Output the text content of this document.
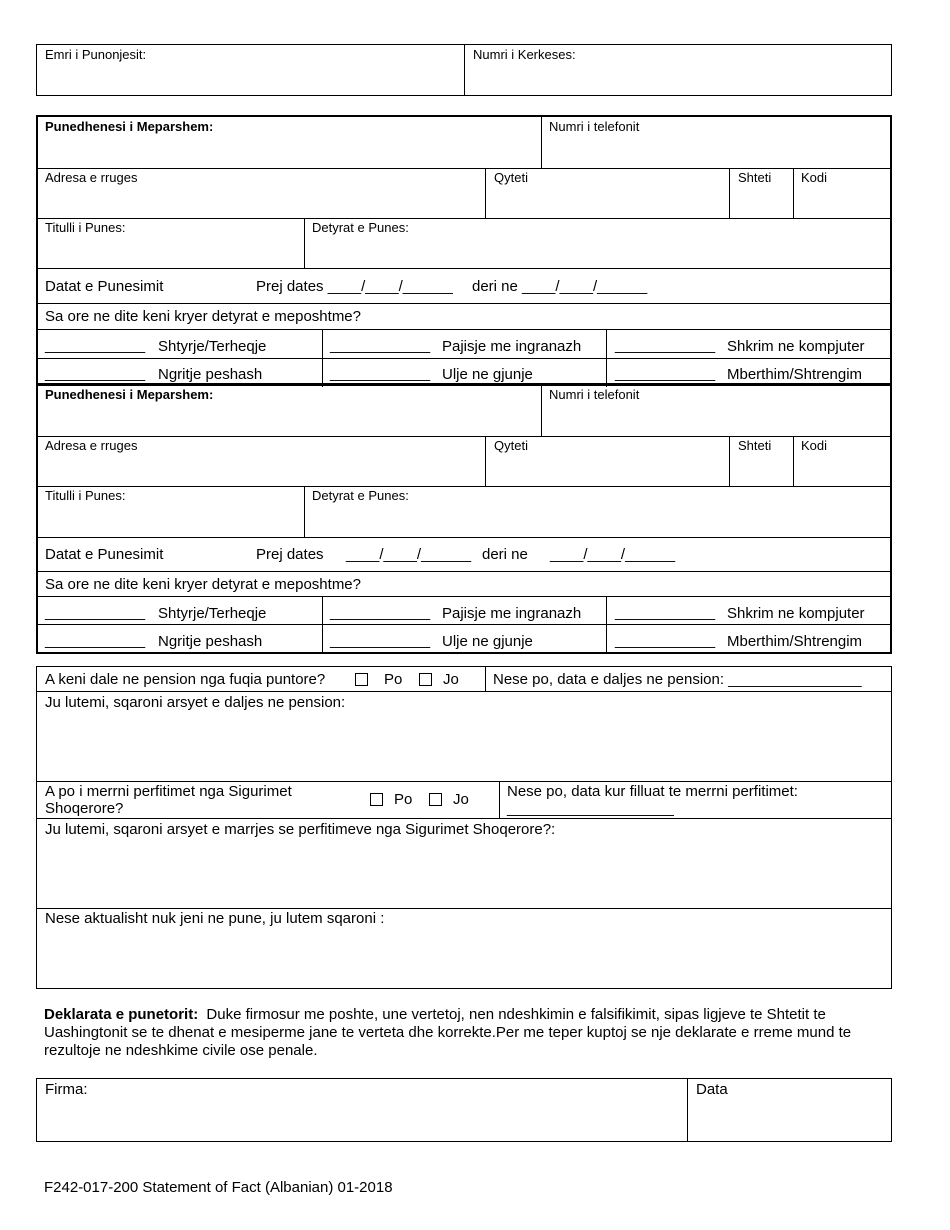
Emri i Punonjesit:	Numri i Kerkeses:
Punedhenesi i Meparshem:	Numri i telefonit
Adresa e rruges	Qyteti	Shteti Kodi
Titulli i Punes:	Detyrat e Punes:
Datat e Punesimit	Prej dates ____/____/______ deri ne ____/____/______
Sa ore ne dite keni kryer detyrat e meposhtme?
____________ Shtyrje/Terheqje	____________ Pajisje me ingranazh ____________ Shkrim ne kompjuter
____________ Ngritje peshash	____________ Ulje ne gjunje	____________ Mberthim/Shtrengim
Punedhenesi i Meparshem:	Numri i telefonit
Adresa e rruges	Qyteti	Shteti Kodi
Titulli i Punes:	Detyrat e Punes:
Datat e Punesimit	Prej dates ____/____/______ deri ne ____/____/______
Sa ore ne dite keni kryer detyrat e meposhtme?
____________ Shtyrje/Terheqje	____________ Pajisje me ingranazh ____________ Shkrim ne kompjuter
____________ Ngritje peshash	____________ Ulje ne gjunje	____________ Mberthim/Shtrengim
A keni dale ne pension nga fuqia puntore?	Po	Jo Nese po, data e daljes ne pension: ________________
Ju lutemi, sqaroni arsyet e daljes ne pension:
A po i merrni perfitimet nga Sigurimet
Shoqerore?
Po	Jo	Nese po, data kur filluat te merrni perfitimet:
____________________
Ju lutemi, sqaroni arsyet e marrjes se perfitimeve nga Sigurimet Shoqerore?:
Nese aktualisht nuk jeni ne pune, ju lutem sqaroni :
Deklarata e punetorit: Duke firmosur me poshte, une vertetoj, nen ndeshkimin e falsifikimit, sipas ligjeve te Shtetit te Uashingtonit se te dhenat e mesiperme jane te verteta dhe korrekte.Per me teper kuptoj se nje deklarate e rreme mund te rezultoje ne ndeshkime civile ose penale.
Firma:	Data
F242-017-200 Statement of Fact (Albanian) 01-2018
